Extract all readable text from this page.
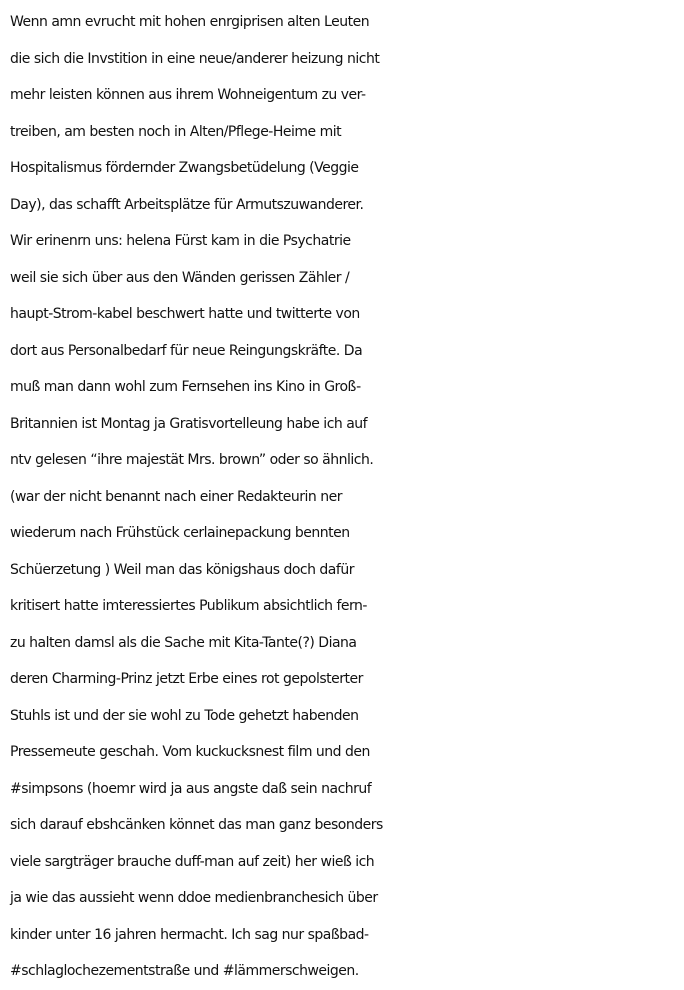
Wenn amn evrucht mit hohen enrgiprisen alten Leuten
die sich die Invstition in eine neue/anderer heizung nicht
mehr leisten können aus ihrem Wohneigentum zu ver-
treiben, am besten noch in Alten/Pflege-Heime mit
Hospitalismus fördernder Zwangsbetüdelung (Veggie
Day), das schafft Arbeitsplätze für Armutszuwanderer.
Wir erinenrn uns: helena Fürst kam in die Psychatrie
weil sie sich über aus den Wänden gerissen Zähler /
haupt-Strom-kabel beschwert hatte und twitterte von
dort aus Personalbedarf für neue Reingungskräfte. Da
muß man dann wohl zum Fernsehen ins Kino in Groß-
Britannien ist Montag ja Gratisvortelleung habe ich auf
ntv gelesen “ihre majestät Mrs. brown” oder so ähnlich.
(war der nicht benannt nach einer Redakteurin ner
wiederum nach Frühstück cerlainepackung bennten
Schüerzetung ) Weil man das königshaus doch dafür
kritisert hatte imteressiertes Publikum absichtlich fern-
zu halten damsl als die Sache mit Kita-Tante(?) Diana
deren Charming-Prinz jetzt Erbe eines rot gepolsterter
Stuhls ist und der sie wohl zu Tode gehetzt habenden
Pressemeute geschah. Vom kuckucksnest film und den
#simpsons (hoemr wird ja aus angste daß sein nachruf
sich darauf ebshcänken könnet das man ganz besonders
viele sargträger brauche duff-man auf zeit) her wieß ich
ja wie das aussieht wenn ddoe medienbranchesich über
kinder unter 16 jahren hermacht. Ich sag nur spaßbad-
#schlaglochezementstraße und #lämmerschweigen.
